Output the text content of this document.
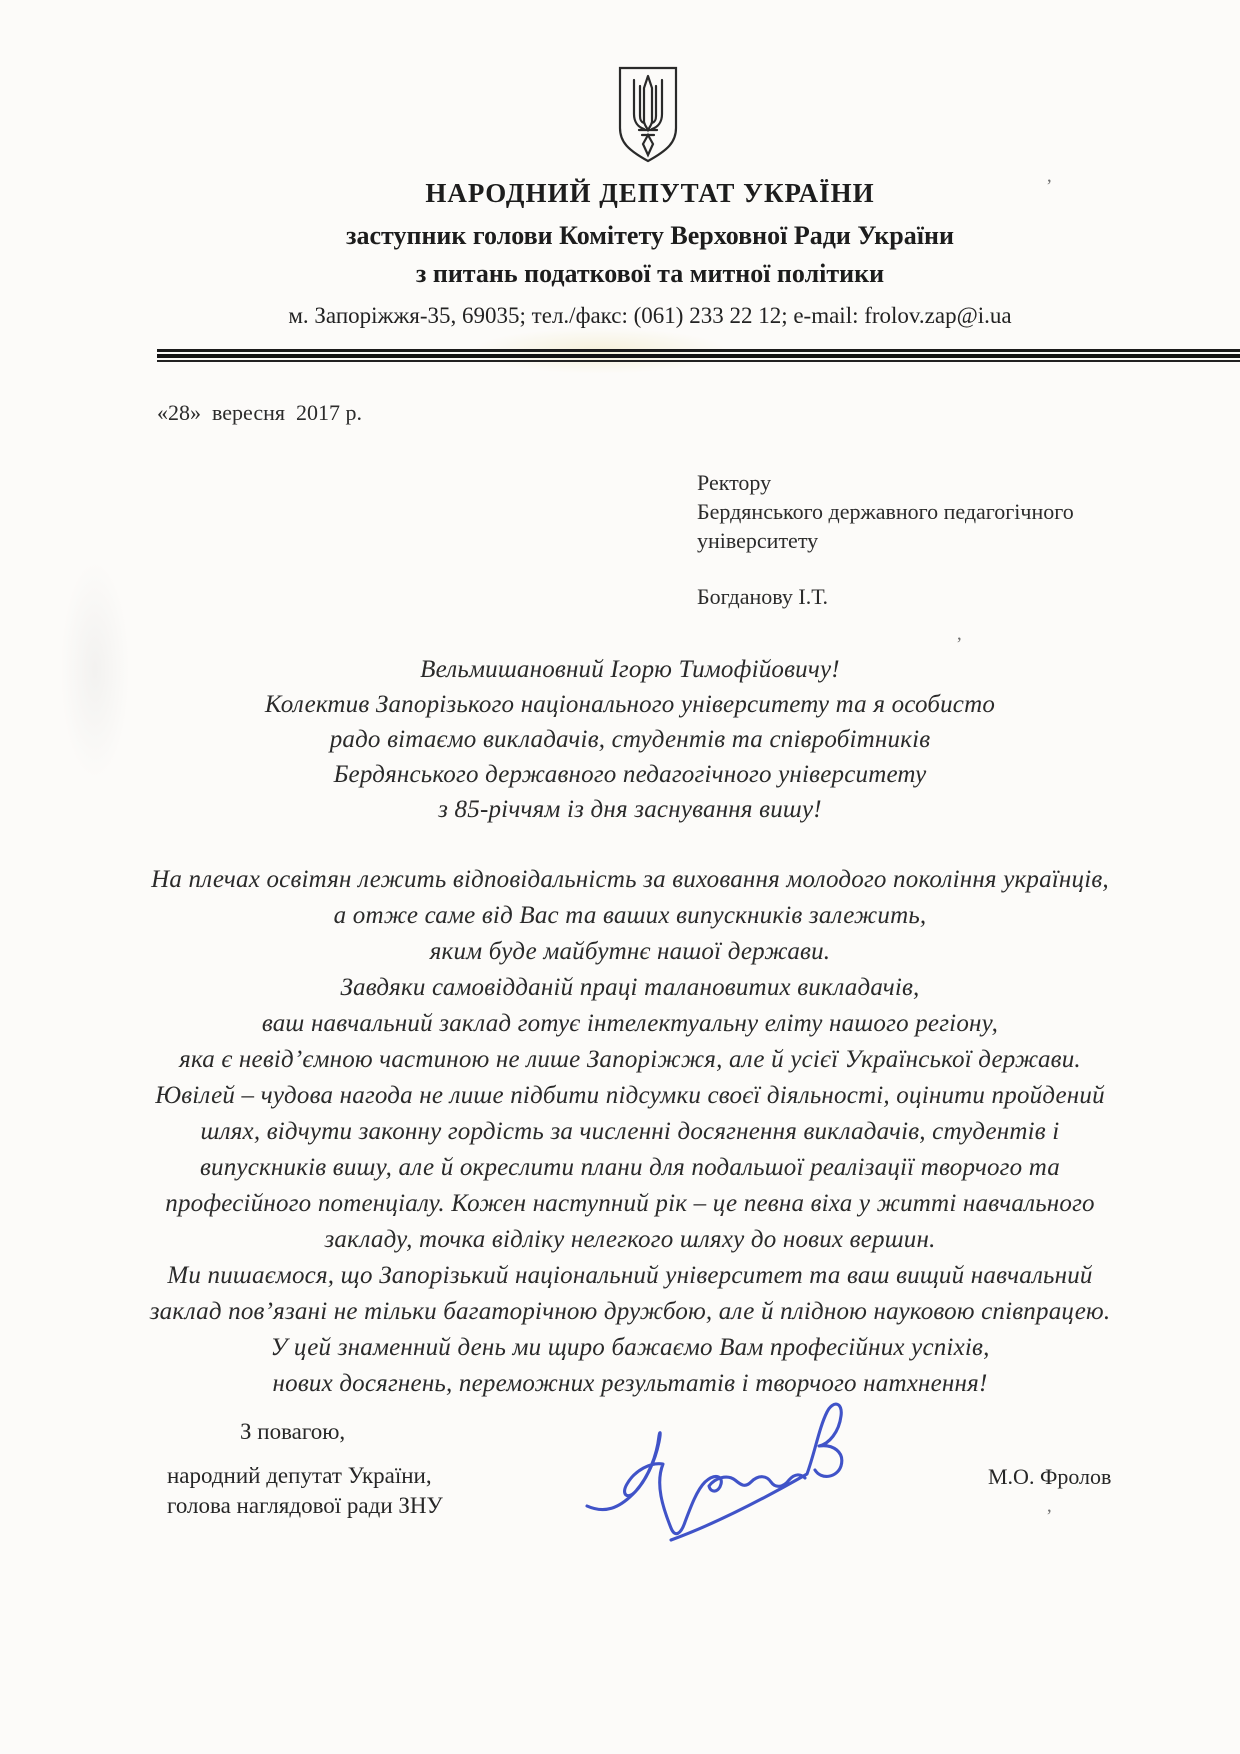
НАРОДНИЙ ДЕПУТАТ УКРАЇНИ
заступник голови Комітету Верховної Ради України
з питань податкової та митної політики
м. Запоріжжя-35, 69035; тел./факс: (061) 233 22 12; e-mail: frolov.zap@i.ua
«28»  вересня  2017 р.
Ректору
Бердянського державного педагогічного
університету
Богданову І.Т.
Вельмишановний Ігорю Тимофійовичу!
Колектив Запорізького національного університету та я особисто
радо вітаємо викладачів, студентів та співробітників
Бердянського державного педагогічного університету
з 85-річчям із дня заснування вишу!
На плечах освітян лежить відповідальність за виховання молодого покоління українців,
а отже саме від Вас та ваших випускників залежить,
яким буде майбутнє нашої держави.
Завдяки самовідданій праці талановитих викладачів,
ваш навчальний заклад готує інтелектуальну еліту нашого регіону,
яка є невід’ємною частиною не лише Запоріжжя, але й усієї Української держави.
Ювілей – чудова нагода не лише підбити підсумки своєї діяльності, оцінити пройдений
шлях, відчути законну гордість за численні досягнення викладачів, студентів і
випускників вишу, але й окреслити плани для подальшої реалізації творчого та
професійного потенціалу. Кожен наступний рік – це певна віха у житті навчального
закладу, точка відліку нелегкого шляху до нових вершин.
Ми пишаємося, що Запорізький національний університет та ваш вищий навчальний
заклад пов’язані не тільки багаторічною дружбою, але й плідною науковою співпрацею.
У цей знаменний день ми щиро бажаємо Вам професійних успіхів,
нових досягнень, переможних результатів і творчого натхнення!
З повагою,
народний депутат України,
голова наглядової ради ЗНУ
М.О. Фролов
’
’
’
